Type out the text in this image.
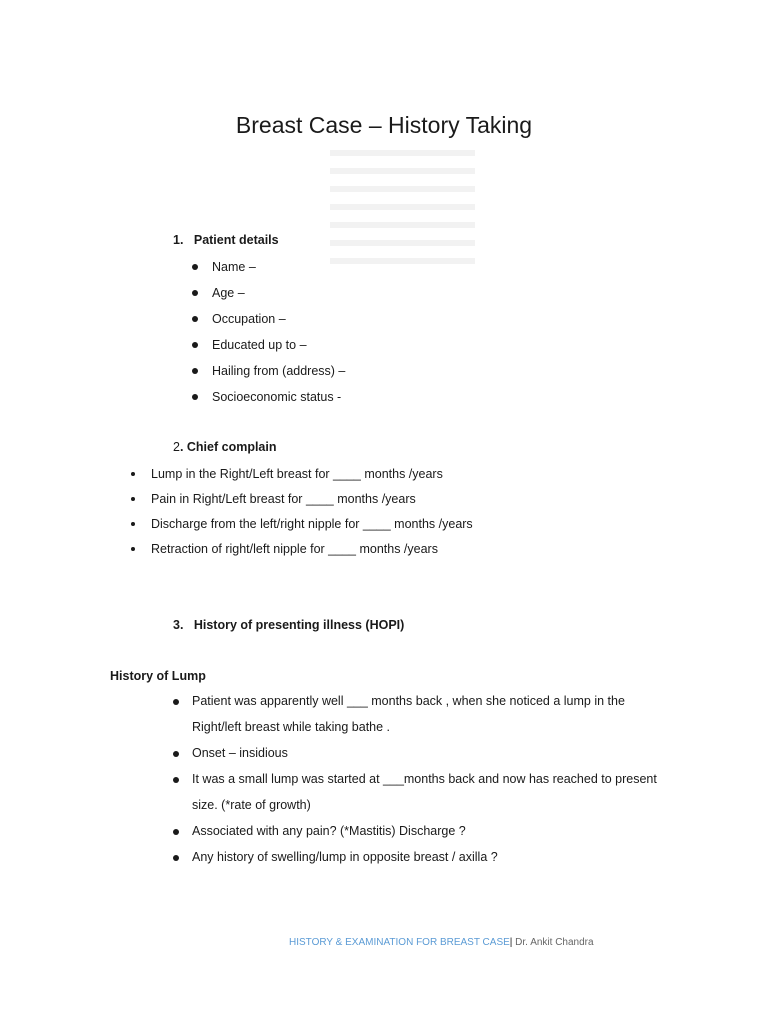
Breast Case – History Taking
1. Patient details
Name –
Age –
Occupation –
Educated up to –
Hailing from (address) –
Socioeconomic status -
2. Chief complain
Lump in the Right/Left breast for ____ months /years
Pain in Right/Left breast for ____ months /years
Discharge from the left/right nipple for ____ months /years
Retraction of right/left nipple for ____ months /years
3. History of presenting illness (HOPI)
History of Lump
Patient was apparently well ___ months back , when she noticed a lump in the
Right/left breast while taking bathe .
Onset – insidious
It was a small lump was started at ___months back and now has reached to present
size. (*rate of growth)
Associated with any pain? (*Mastitis) Discharge ?
Any history of swelling/lump in opposite breast / axilla ?
HISTORY & EXAMINATION FOR BREAST CASE| Dr. Ankit Chandra
